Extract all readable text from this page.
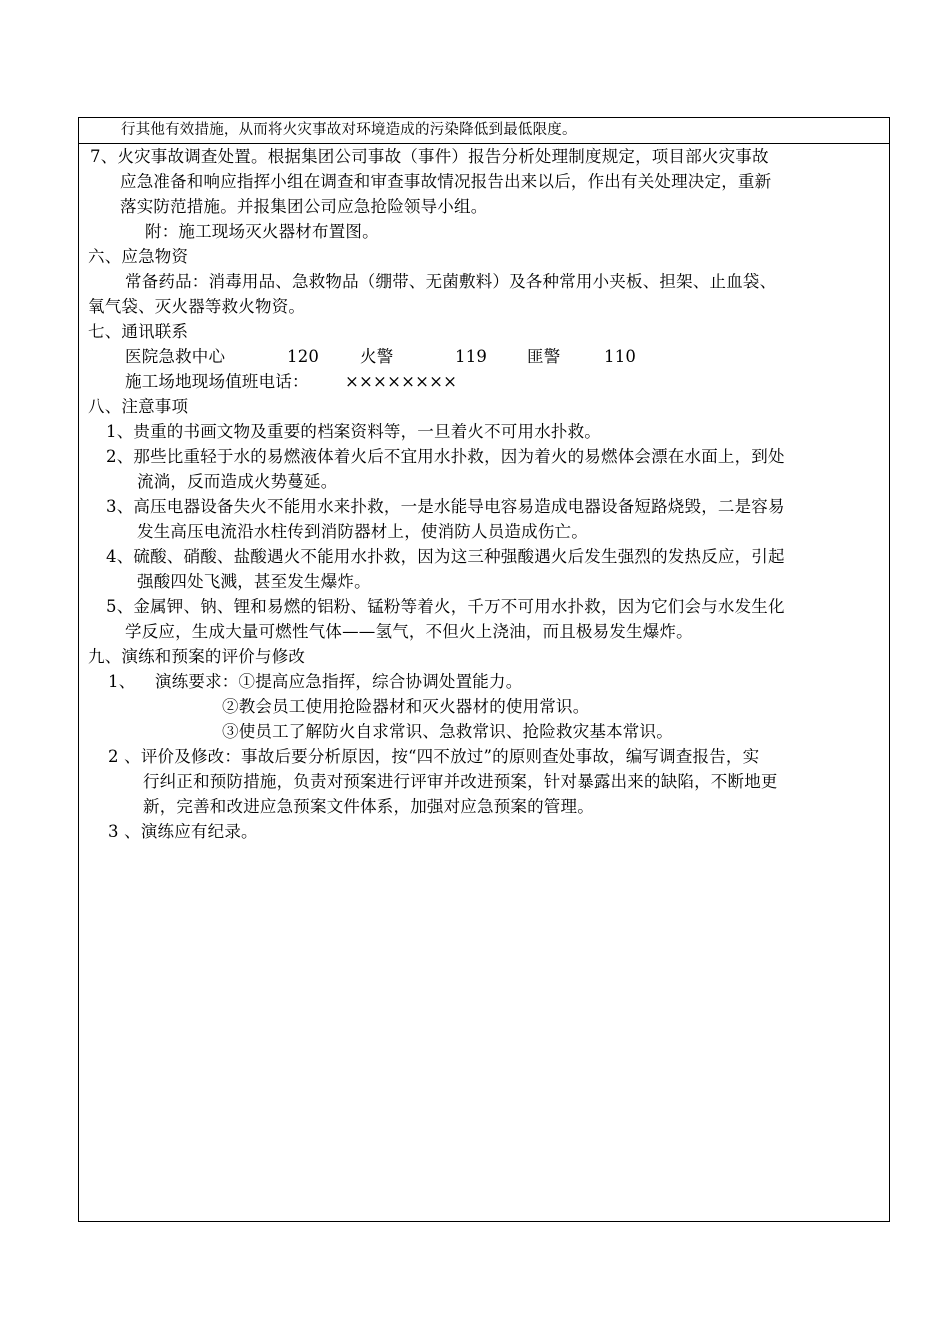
行其他有效措施，从而将火灾事故对环境造成的污染降低到最低限度。
7、火灾事故调查处置。根据集团公司事故（事件）报告分析处理制度规定，项目部火灾事故
应急准备和响应指挥小组在调查和审查事故情况报告出来以后，作出有关处理决定，重新
落实防范措施。并报集团公司应急抢险领导小组。
附：施工现场灭火器材布置图。
六、应急物资
常备药品：消毒用品、急救物品（绷带、无菌敷料）及各种常用小夹板、担架、止血袋、
氧气袋、灭火器等救火物资。
七、通讯联系
医院急救中心	120 火警	119 匪警	110
施工场地现场值班电话： ××××××××
八、注意事项
1、贵重的书画文物及重要的档案资料等，一旦着火不可用水扑救。
2、那些比重轻于水的易燃液体着火后不宜用水扑救，因为着火的易燃体会漂在水面上，到处
流淌，反而造成火势蔓延。
3、高压电器设备失火不能用水来扑救，一是水能导电容易造成电器设备短路烧毁，二是容易
发生高压电流沿水柱传到消防器材上，使消防人员造成伤亡。
4、硫酸、硝酸、盐酸遇火不能用水扑救，因为这三种强酸遇火后发生强烈的发热反应，引起
强酸四处飞溅，甚至发生爆炸。
5、金属钾、钠、锂和易燃的铝粉、锰粉等着火，千万不可用水扑救，因为它们会与水发生化
学反应，生成大量可燃性气体——氢气，不但火上浇油，而且极易发生爆炸。
九、演练和预案的评价与修改
1、 演练要求：①提高应急指挥，综合协调处置能力。
②教会员工使用抢险器材和灭火器材的使用常识。
③使员工了解防火自求常识、急救常识、抢险救灾基本常识。
2 、评价及修改：事故后要分析原因，按“四不放过”的原则查处事故，编写调查报告，实
行纠正和预防措施，负责对预案进行评审并改进预案，针对暴露出来的缺陷，不断地更
新，完善和改进应急预案文件体系，加强对应急预案的管理。
3 、演练应有纪录。
